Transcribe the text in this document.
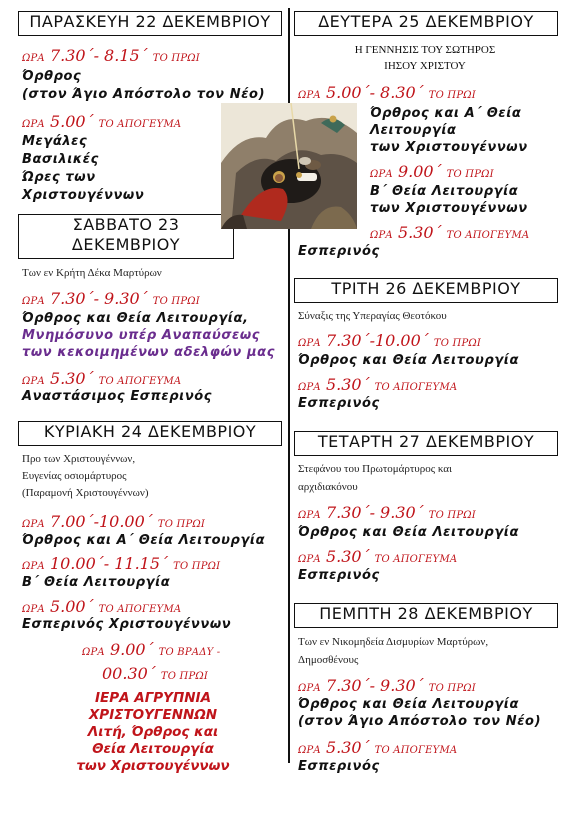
ΠΑΡΑΣΚΕΥΗ 22 ΔΕΚΕΜΒΡΙΟΥ
ΩΡΑ 7.30΄- 8.15΄ ΤΟ ΠΡΩΙ
Όρθρος
(στον Άγιο Απόστολο τον Νέο)
ΩΡΑ 5.00΄ ΤΟ ΑΠΟΓΕΥΜΑ
Μεγάλες
Βασιλικές
Ώρες των
Χριστουγέννων
ΣΑΒΒΑΤΟ 23
ΔΕΚΕΜΒΡΙΟΥ
Των εν Κρήτη Δέκα Μαρτύρων
ΩΡΑ 7.30΄- 9.30΄ ΤΟ ΠΡΩΙ
Όρθρος και Θεία Λειτουργία,
Μνημόσυνο υπέρ Αναπαύσεως
των κεκοιμημένων αδελφών μας
ΩΡΑ 5.30΄ ΤΟ ΑΠΟΓΕΥΜΑ
Αναστάσιμος Εσπερινός
ΚΥΡΙΑΚΗ 24 ΔΕΚΕΜΒΡΙΟΥ
Προ των Χριστουγέννων,
Ευγενίας οσιομάρτυρος
(Παραμονή Χριστουγέννων)
ΩΡΑ 7.00΄-10.00΄ ΤΟ ΠΡΩΙ
Όρθρος και Α΄ Θεία Λειτουργία
ΩΡΑ 10.00΄- 11.15΄ ΤΟ ΠΡΩΙ
Β΄ Θεία Λειτουργία
ΩΡΑ 5.00΄ ΤΟ ΑΠΟΓΕΥΜΑ
Εσπερινός Χριστουγέννων
ΩΡΑ 9.00΄ ΤΟ ΒΡΑΔΥ -
00.30΄ ΤΟ ΠΡΩΙ
ΙΕΡΑ ΑΓΡΥΠΝΙΑ
ΧΡΙΣΤΟΥΓΕΝΝΩΝ
Λιτή, Όρθρος και
Θεία Λειτουργία
των Χριστουγέννων
ΔΕΥΤΕΡΑ 25 ΔΕΚΕΜΒΡΙΟΥ
Η ΓΕΝΝΗΣΙΣ ΤΟΥ ΣΩΤΗΡΟΣ
ΙΗΣΟΥ ΧΡΙΣΤΟΥ
ΩΡΑ 5.00΄- 8.30΄ ΤΟ ΠΡΩΙ
Όρθρος και Α΄ Θεία
Λειτουργία
των Χριστουγέννων
ΩΡΑ 9.00΄ ΤΟ ΠΡΩΙ
Β΄ Θεία Λειτουργία
των Χριστουγέννων
ΩΡΑ 5.30΄ ΤΟ ΑΠΟΓΕΥΜΑ
Εσπερινός
ΤΡΙΤΗ 26 ΔΕΚΕΜΒΡΙΟΥ
Σύναξις της Υπεραγίας Θεοτόκου
ΩΡΑ 7.30΄-10.00΄ ΤΟ ΠΡΩΙ
Όρθρος και Θεία Λειτουργία
ΩΡΑ 5.30΄ ΤΟ ΑΠΟΓΕΥΜΑ
Εσπερινός
ΤΕΤΑΡΤΗ 27 ΔΕΚΕΜΒΡΙΟΥ
Στεφάνου του Πρωτομάρτυρος και
αρχιδιακόνου
ΩΡΑ 7.30΄- 9.30΄ ΤΟ ΠΡΩΙ
Όρθρος και Θεία Λειτουργία
ΩΡΑ 5.30΄ ΤΟ ΑΠΟΓΕΥΜΑ
Εσπερινός
ΠΕΜΠΤΗ 28 ΔΕΚΕΜΒΡΙΟΥ
Των εν Νικομηδεία Δισμυρίων Μαρτύρων,
Δημοσθένους
ΩΡΑ 7.30΄- 9.30΄ ΤΟ ΠΡΩΙ
Όρθρος και Θεία Λειτουργία
(στον Άγιο Απόστολο τον Νέο)
ΩΡΑ 5.30΄ ΤΟ ΑΠΟΓΕΥΜΑ
Εσπερινός
